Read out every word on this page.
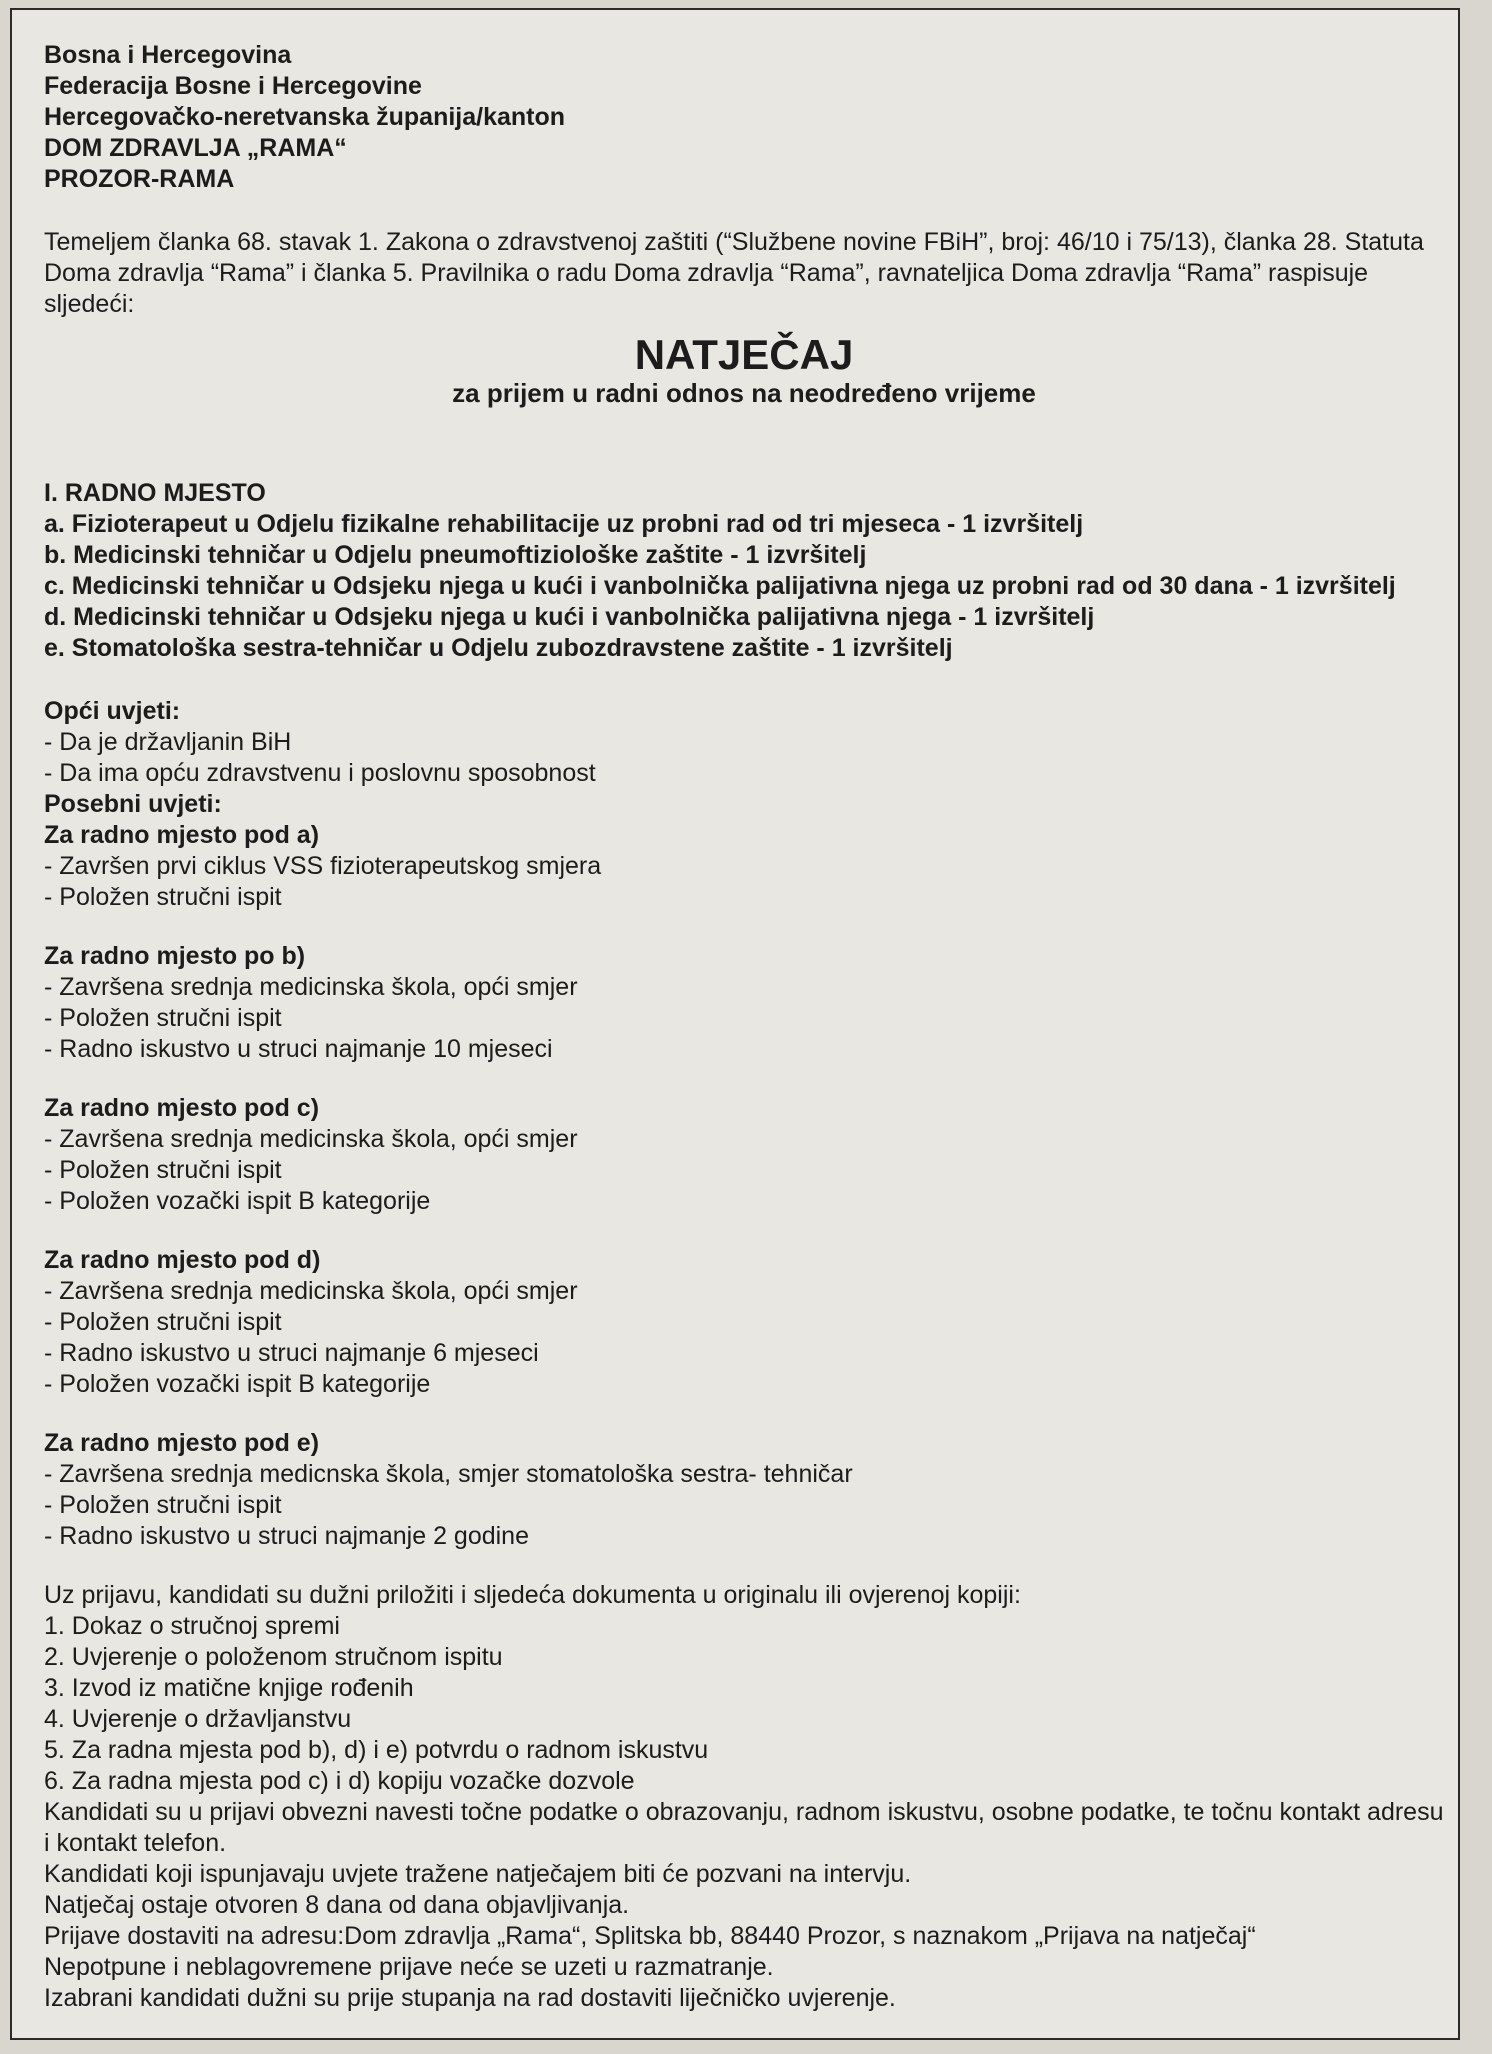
Bosna i Hercegovina

Federacija Bosne i Hercegovine

Hercegovačko-neretvanska županija/kanton

DOM ZDRAVLJA „RAMA“

PROZOR-RAMA

Temeljem članka 68. stavak 1. Zakona o zdravstvenoj zaštiti (“Službene novine FBiH”, broj: 46/10 i 75/13), članka 28. Statuta Doma zdravlja “Rama” i članka 5. Pravilnika o radu Doma zdravlja “Rama”, ravnateljica Doma zdravlja “Rama” raspisuje sljedeći:

NATJEČAJ

za prijem u radni odnos na neodređeno vrijeme

I. RADNO MJESTO

a. Fizioterapeut u Odjelu fizikalne rehabilitacije uz probni rad od tri mjeseca - 1 izvršitelj

b. Medicinski tehničar u Odjelu pneumoftiziološke zaštite - 1 izvršitelj

c. Medicinski tehničar u Odsjeku njega u kući i vanbolnička palijativna njega uz probni rad od 30 dana - 1 izvršitelj

d. Medicinski tehničar u Odsjeku njega u kući i vanbolnička palijativna njega - 1 izvršitelj

e. Stomatološka sestra-tehničar u Odjelu zubozdravstene zaštite - 1 izvršitelj

Opći uvjeti:

- Da je državljanin BiH

- Da ima opću zdravstvenu i poslovnu sposobnost

Posebni uvjeti:

Za radno mjesto pod a)

- Završen prvi ciklus VSS fizioterapeutskog smjera

- Položen stručni ispit

Za radno mjesto po b)

- Završena srednja medicinska škola, opći smjer

- Položen stručni ispit

- Radno iskustvo u struci najmanje 10 mjeseci

Za radno mjesto pod c)

- Završena srednja medicinska škola, opći smjer

- Položen stručni ispit

- Položen vozački ispit B kategorije

Za radno mjesto pod d)

- Završena srednja medicinska škola, opći smjer

- Položen stručni ispit

- Radno iskustvo u struci najmanje 6 mjeseci

- Položen vozački ispit B kategorije

Za radno mjesto pod e)

- Završena srednja medicnska škola, smjer stomatološka sestra- tehničar

- Položen stručni ispit

- Radno iskustvo u struci najmanje 2 godine

Uz prijavu, kandidati su dužni priložiti i sljedeća dokumenta u originalu ili ovjerenoj kopiji:

1. Dokaz o stručnoj spremi

2. Uvjerenje o položenom stručnom ispitu

3. Izvod iz matične knjige rođenih

4. Uvjerenje o državljanstvu

5. Za radna mjesta pod b), d) i e) potvrdu o radnom iskustvu

6. Za radna mjesta pod c) i d) kopiju vozačke dozvole

Kandidati su u prijavi obvezni navesti točne podatke o obrazovanju, radnom iskustvu, osobne podatke, te točnu kontakt adresu i kontakt telefon.

Kandidati koji ispunjavaju uvjete tražene natječajem biti će pozvani na intervju.

Natječaj ostaje otvoren 8 dana od dana objavljivanja.

Prijave dostaviti na adresu:Dom zdravlja „Rama“, Splitska bb, 88440 Prozor, s naznakom „Prijava na natječaj“

Nepotpune i neblagovremene prijave neće se uzeti u razmatranje.

Izabrani kandidati dužni su prije stupanja na rad dostaviti liječničko uvjerenje.
